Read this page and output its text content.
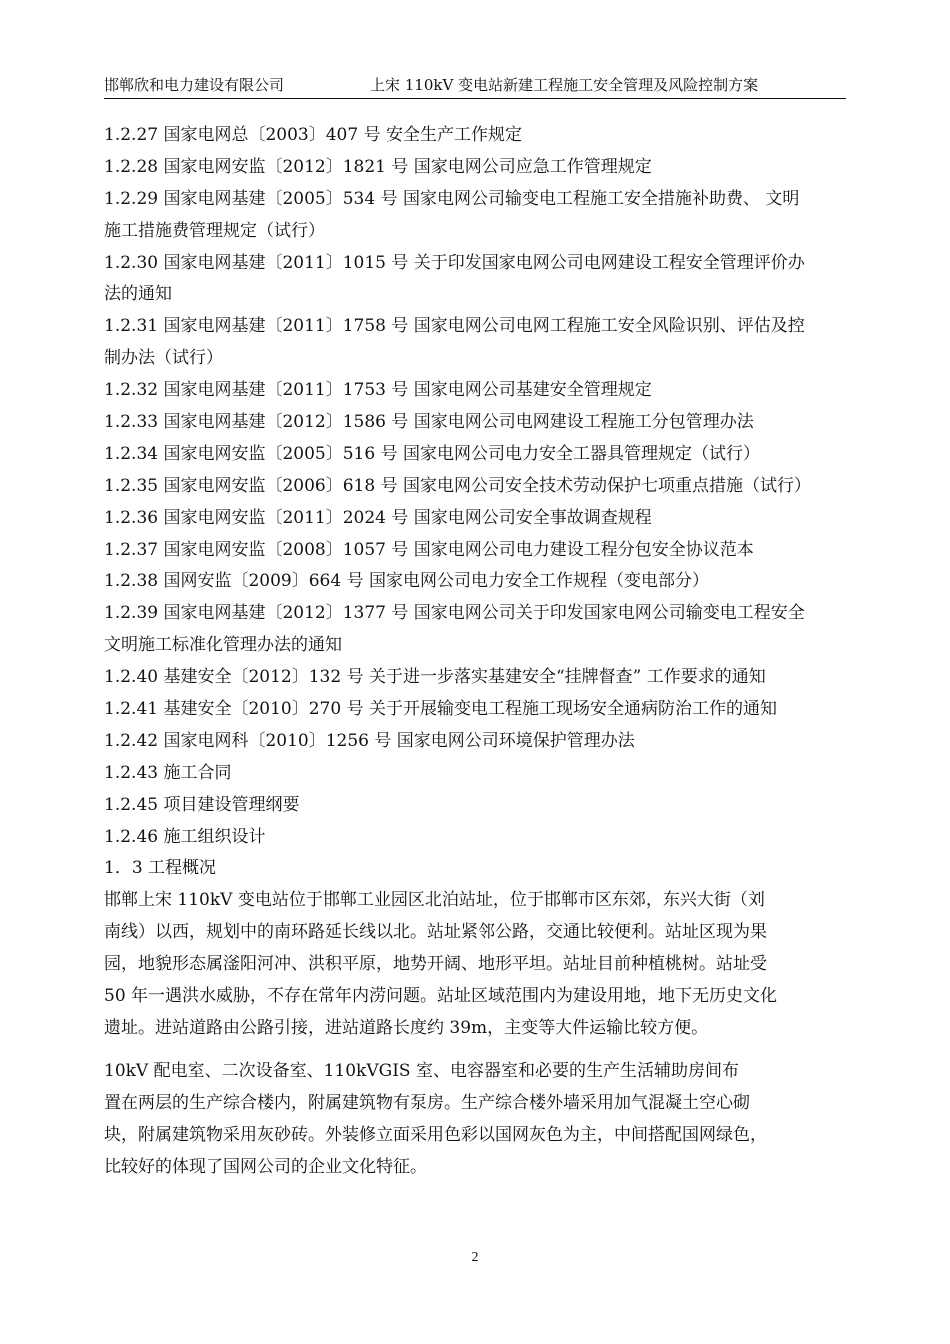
邯郸欣和电力建设有限公司	上宋 110kV 变电站新建工程施工安全管理及风险控制方案
1.2.27 国家电网总〔2003〕407 号 安全生产工作规定
1.2.28 国家电网安监〔2012〕1821 号 国家电网公司应急工作管理规定
1.2.29 国家电网基建〔2005〕534 号 国家电网公司输变电工程施工安全措施补助费、 文明
施工措施费管理规定（试行）
1.2.30 国家电网基建〔2011〕1015 号 关于印发国家电网公司电网建设工程安全管理评价办
法的通知
1.2.31 国家电网基建〔2011〕1758 号 国家电网公司电网工程施工安全风险识别、评估及控
制办法（试行）
1.2.32 国家电网基建〔2011〕1753 号 国家电网公司基建安全管理规定
1.2.33 国家电网基建〔2012〕1586 号 国家电网公司电网建设工程施工分包管理办法
1.2.34 国家电网安监〔2005〕516 号 国家电网公司电力安全工器具管理规定（试行）
1.2.35 国家电网安监〔2006〕618 号 国家电网公司安全技术劳动保护七项重点措施（试行）
1.2.36 国家电网安监〔2011〕2024 号 国家电网公司安全事故调查规程
1.2.37 国家电网安监〔2008〕1057 号 国家电网公司电力建设工程分包安全协议范本
1.2.38 国网安监〔2009〕664 号 国家电网公司电力安全工作规程（变电部分）
1.2.39 国家电网基建〔2012〕1377 号 国家电网公司关于印发国家电网公司输变电工程安全
文明施工标准化管理办法的通知
1.2.40 基建安全〔2012〕132 号 关于进一步落实基建安全“挂牌督查” 工作要求的通知
1.2.41 基建安全〔2010〕270 号 关于开展输变电工程施工现场安全通病防治工作的通知
1.2.42 国家电网科〔2010〕1256 号 国家电网公司环境保护管理办法
1.2.43 施工合同
1.2.45 项目建设管理纲要
1.2.46 施工组织设计
1．3 工程概况
邯郸上宋 110kV 变电站位于邯郸工业园区北泊站址，位于邯郸市区东郊，东兴大街（刘
南线）以西，规划中的南环路延长线以北。站址紧邻公路，交通比较便利。站址区现为果
园，地貌形态属滏阳河冲、洪积平原，地势开阔、地形平坦。站址目前种植桃树。站址受
50 年一遇洪水威胁，不存在常年内涝问题。站址区域范围内为建设用地，地下无历史文化
遗址。进站道路由公路引接，进站道路长度约 39m，主变等大件运输比较方便。
10kV 配电室、二次设备室、110kVGIS 室、电容器室和必要的生产生活辅助房间布
置在两层的生产综合楼内，附属建筑物有泵房。生产综合楼外墙采用加气混凝土空心砌
块，附属建筑物采用灰砂砖。外装修立面采用色彩以国网灰色为主，中间搭配国网绿色，
比较好的体现了国网公司的企业文化特征。
2
